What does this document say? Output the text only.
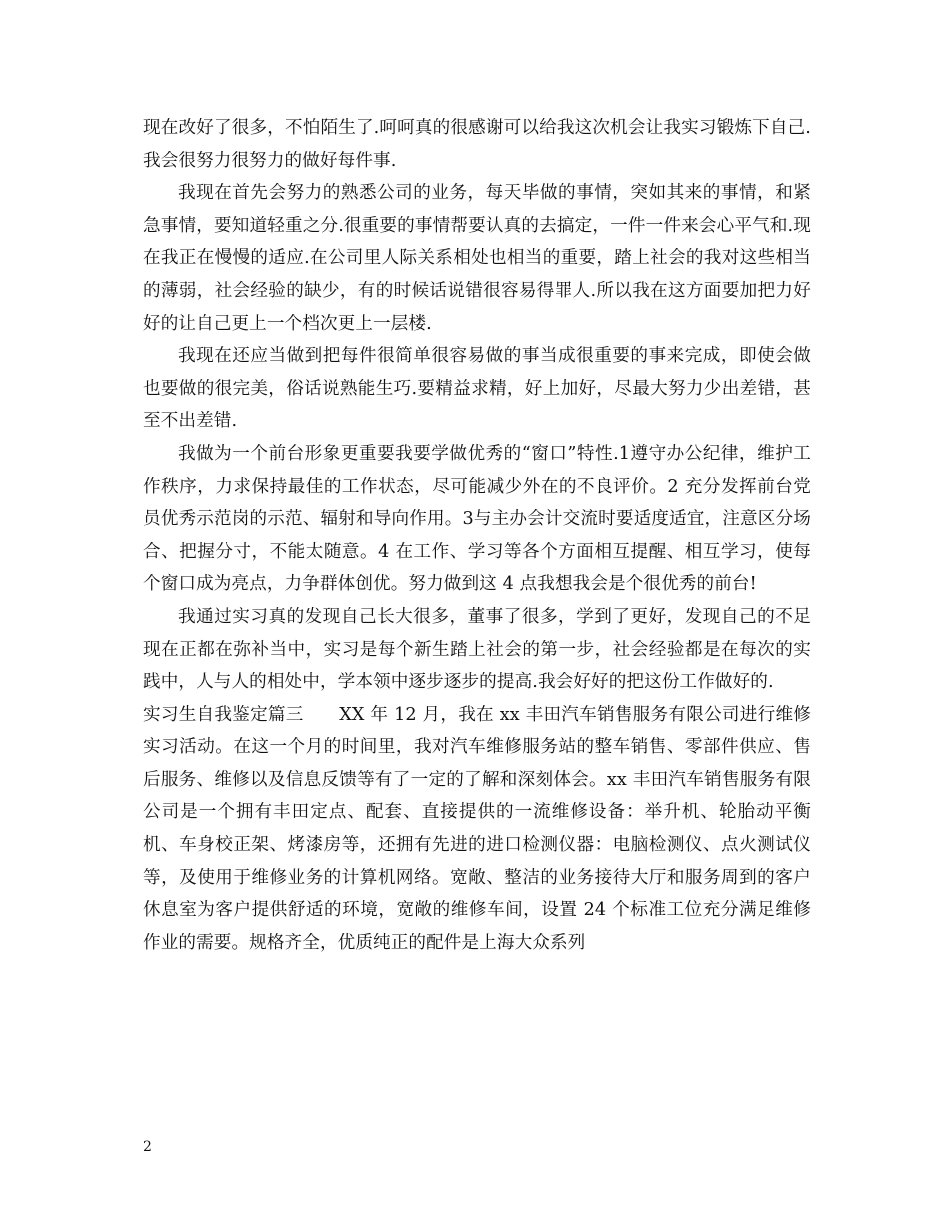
现在改好了很多，不怕陌生了.呵呵真的很感谢可以给我这次机会让我实习锻炼下自己.我会很努力很努力的做好每件事.

我现在首先会努力的熟悉公司的业务，每天毕做的事情，突如其来的事情，和紧急事情，要知道轻重之分.很重要的事情帮要认真的去搞定，一件一件来会心平气和.现在我正在慢慢的适应.在公司里人际关系相处也相当的重要，踏上社会的我对这些相当的薄弱，社会经验的缺少，有的时候话说错很容易得罪人.所以我在这方面要加把力好好的让自己更上一个档次更上一层楼.

我现在还应当做到把每件很简单很容易做的事当成很重要的事来完成，即使会做也要做的很完美，俗话说熟能生巧.要精益求精，好上加好，尽最大努力少出差错，甚至不出差错.

我做为一个前台形象更重要我要学做优秀的“窗口”特性.1遵守办公纪律，维护工作秩序，力求保持最佳的工作状态，尽可能减少外在的不良评价。2 充分发挥前台党员优秀示范岗的示范、辐射和导向作用。3与主办会计交流时要适度适宜，注意区分场合、把握分寸，不能太随意。4 在工作、学习等各个方面相互提醒、相互学习，使每个窗口成为亮点，力争群体创优。努力做到这 4 点我想我会是个很优秀的前台!

我通过实习真的发现自己长大很多，董事了很多，学到了更好，发现自己的不足现在正都在弥补当中，实习是每个新生踏上社会的第一步，社会经验都是在每次的实践中，人与人的相处中，学本领中逐步逐步的提高.我会好好的把这份工作做好的.

实习生自我鉴定篇三　　XX 年 12 月，我在 xx 丰田汽车销售服务有限公司进行维修实习活动。在这一个月的时间里，我对汽车维修服务站的整车销售、零部件供应、售后服务、维修以及信息反馈等有了一定的了解和深刻体会。xx 丰田汽车销售服务有限公司是一个拥有丰田定点、配套、直接提供的一流维修设备：举升机、轮胎动平衡机、车身校正架、烤漆房等，还拥有先进的进口检测仪器：电脑检测仪、点火测试仪等，及使用于维修业务的计算机网络。宽敞、整洁的业务接待大厅和服务周到的客户休息室为客户提供舒适的环境，宽敞的维修车间，设置 24 个标准工位充分满足维修作业的需要。规格齐全，优质纯正的配件是上海大众系列

2
